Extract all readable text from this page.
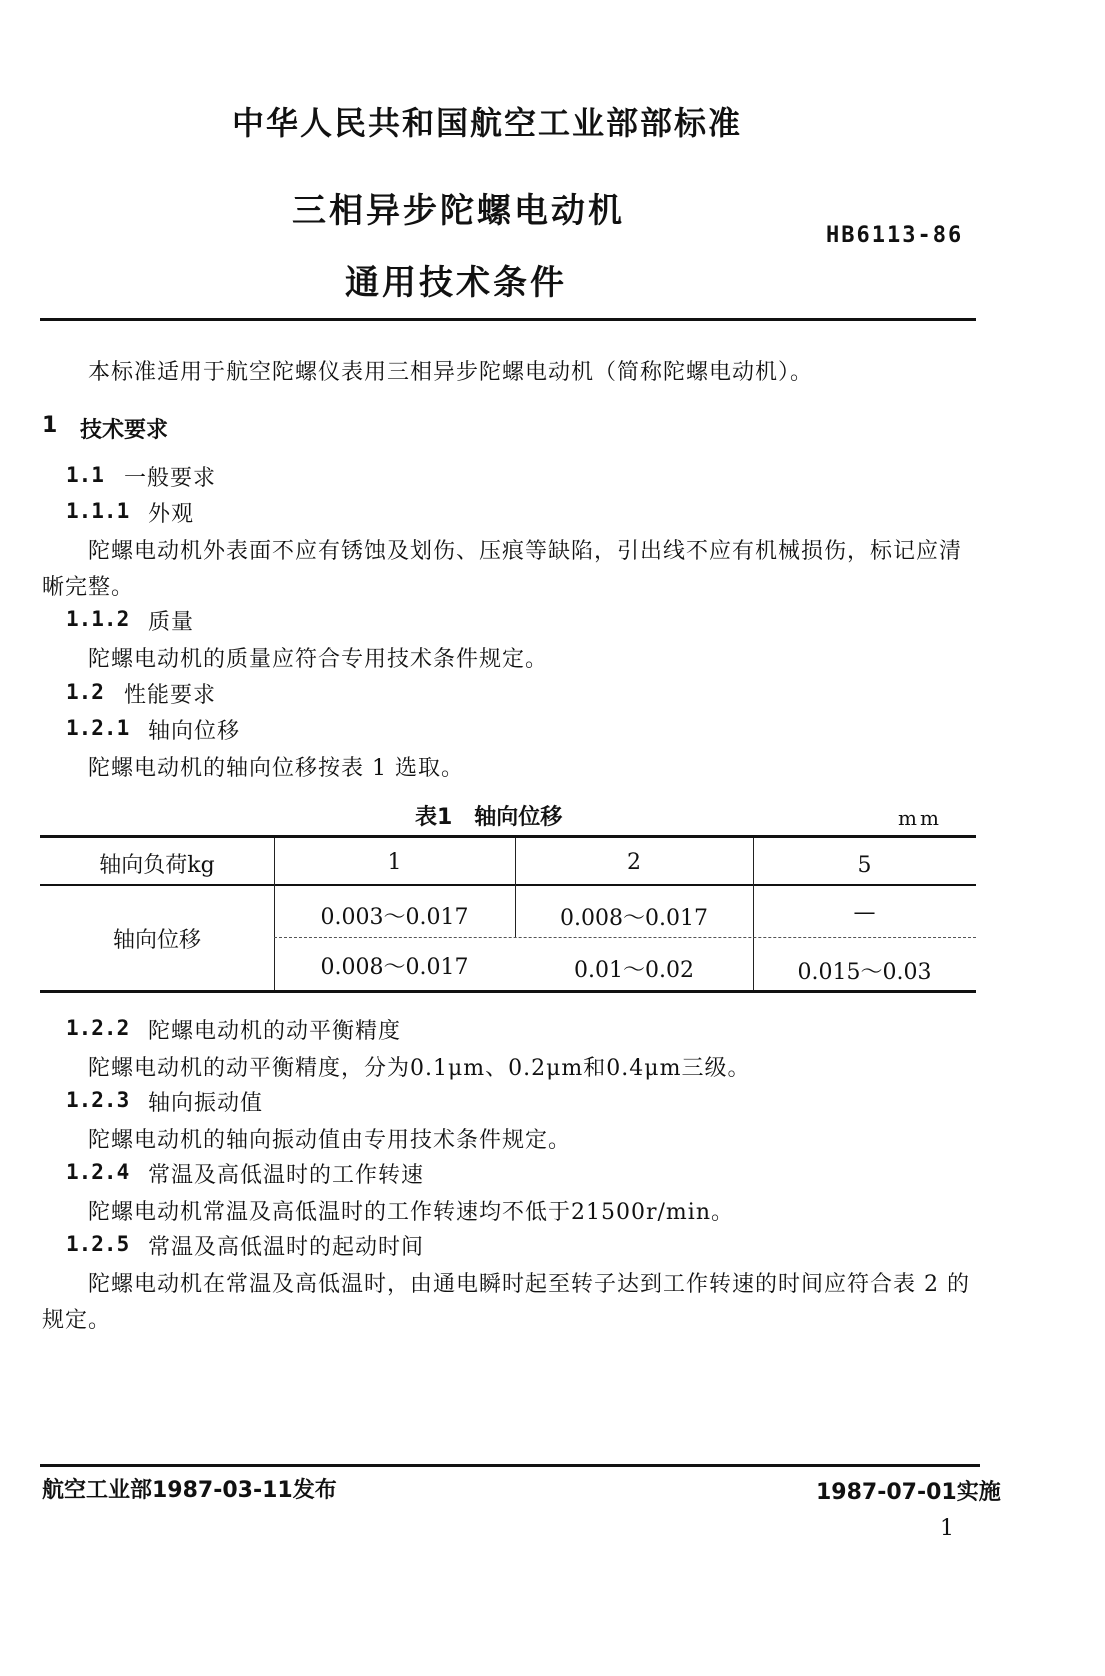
中华人民共和国航空工业部部标准
三相异步陀螺电动机
通用技术条件
HB6113-86
本标准适用于航空陀螺仪表用三相异步陀螺电动机（简称陀螺电动机）。
1 技术要求
1.1 一般要求
1.1.1 外观
陀螺电动机外表面不应有锈蚀及划伤、压痕等缺陷，引出线不应有机械损伤，标记应清
晰完整。
1.1.2 质量
陀螺电动机的质量应符合专用技术条件规定。
1.2 性能要求
1.2.1 轴向位移
陀螺电动机的轴向位移按表 1 选取。
表1　轴向位移	mm
轴向负荷kg	1	2	5
轴向位移
0.003～0.017	0.008～0.017	—
0.008～0.017	0.01～0.02	0.015～0.03
1.2.2 陀螺电动机的动平衡精度
陀螺电动机的动平衡精度，分为0.1μm、0.2μm和0.4μm三级。
1.2.3 轴向振动值
陀螺电动机的轴向振动值由专用技术条件规定。
1.2.4 常温及高低温时的工作转速
陀螺电动机常温及高低温时的工作转速均不低于21500r/min。
1.2.5 常温及高低温时的起动时间
陀螺电动机在常温及高低温时，由通电瞬时起至转子达到工作转速的时间应符合表 2 的
规定。
航空工业部1987-03-11发布	1987-07-01实施
1
